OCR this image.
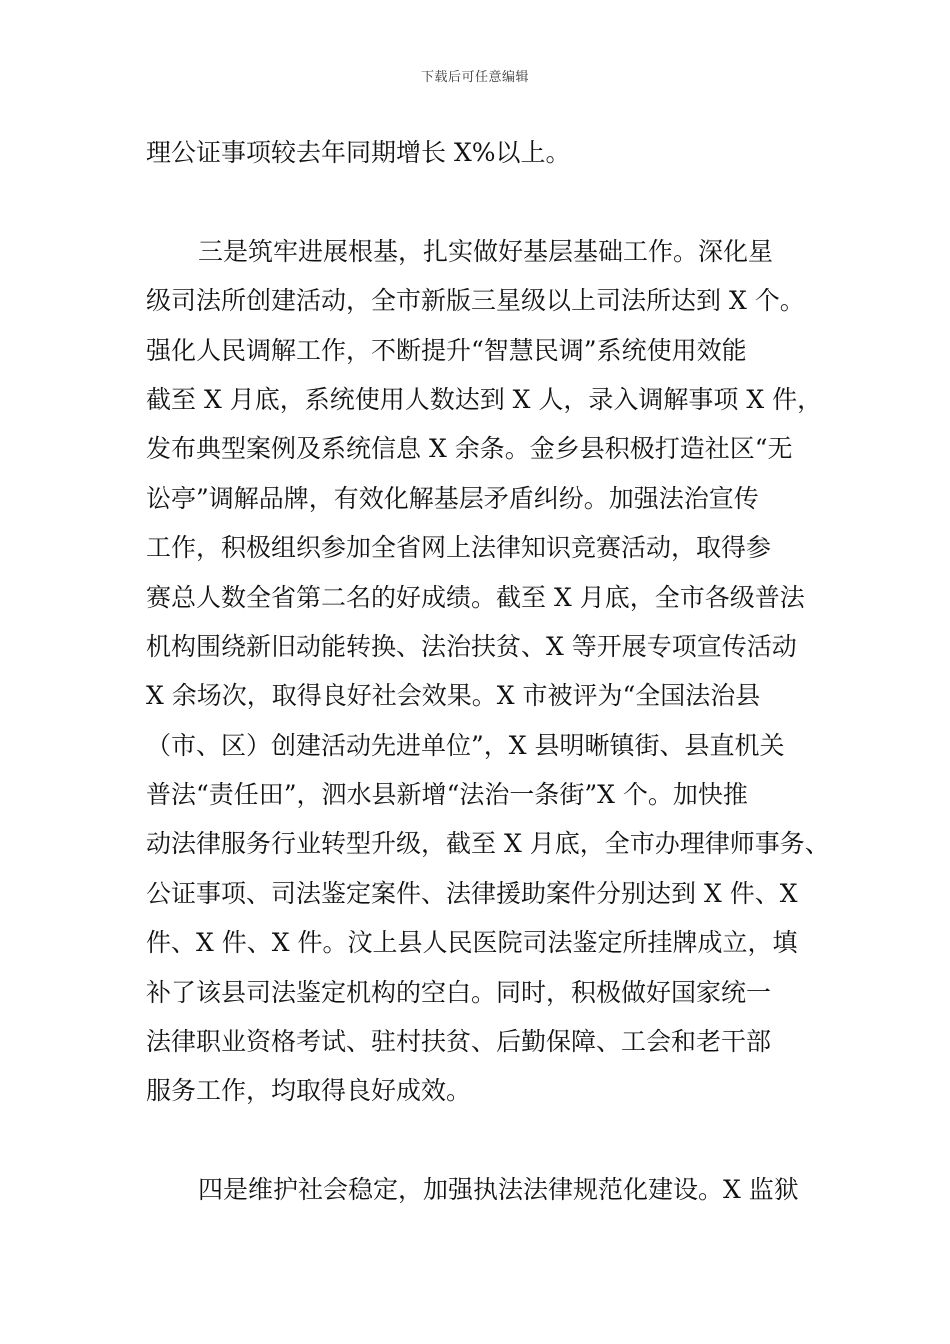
下载后可任意编辑
理公证事项较去年同期增长 X%以上。
三是筑牢进展根基，扎实做好基层基础工作。深化星
级司法所创建活动，全市新版三星级以上司法所达到 X 个。
强化人民调解工作，不断提升“智慧民调”系统使用效能
截至 X 月底，系统使用人数达到 X 人，录入调解事项 X 件，
发布典型案例及系统信息 X 余条。金乡县积极打造社区“无
讼亭”调解品牌，有效化解基层矛盾纠纷。加强法治宣传
工作，积极组织参加全省网上法律知识竞赛活动，取得参
赛总人数全省第二名的好成绩。截至 X 月底，全市各级普法
机构围绕新旧动能转换、法治扶贫、X 等开展专项宣传活动
X 余场次，取得良好社会效果。X 市被评为“全国法治县
（市、区）创建活动先进单位”，X 县明晰镇街、县直机关
普法“责任田”，泗水县新增“法治一条街”X 个。加快推
动法律服务行业转型升级，截至 X 月底，全市办理律师事务、
公证事项、司法鉴定案件、法律援助案件分别达到 X 件、X
件、X 件、X 件。汶上县人民医院司法鉴定所挂牌成立，填
补了该县司法鉴定机构的空白。同时，积极做好国家统一
法律职业资格考试、驻村扶贫、后勤保障、工会和老干部
服务工作，均取得良好成效。
四是维护社会稳定，加强执法法律规范化建设。X 监狱
